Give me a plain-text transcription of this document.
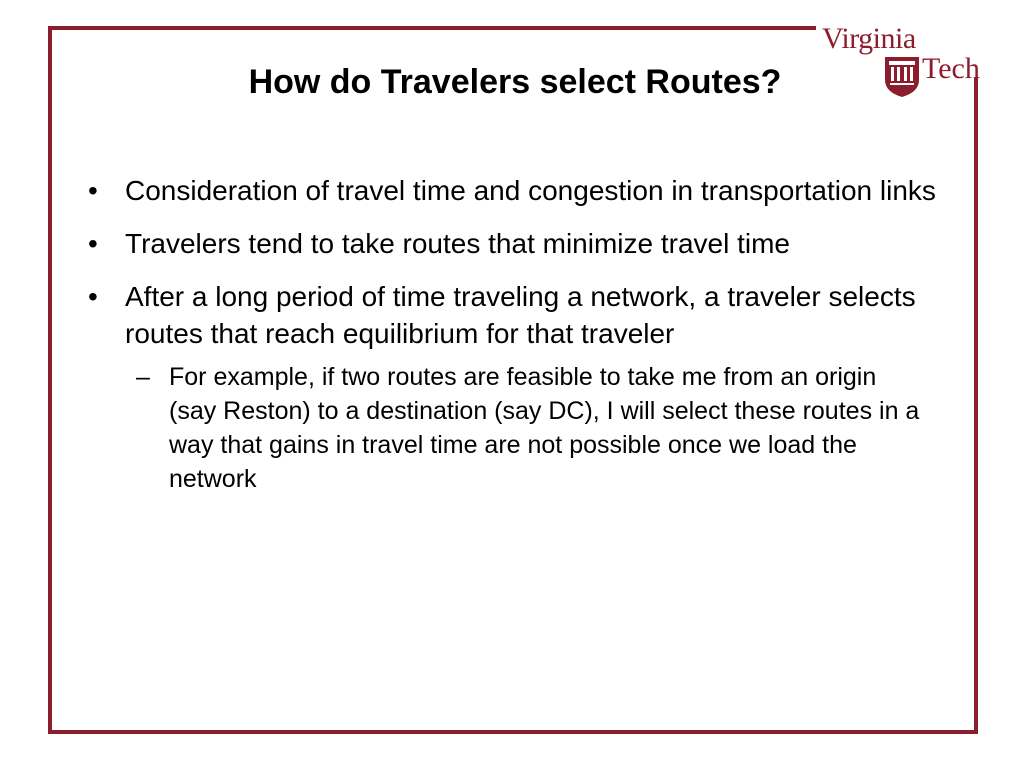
Virginia
Tech
How do Travelers select Routes?
• Consideration of travel time and congestion in transportation links
• Travelers tend to take routes that minimize travel time
• After a long period of time traveling a network, a traveler selects routes that reach equilibrium for that traveler
– For example, if two routes are feasible to take me from an origin (say Reston) to a destination (say DC), I will select these routes in a way that gains in travel time are not possible once we load the network
